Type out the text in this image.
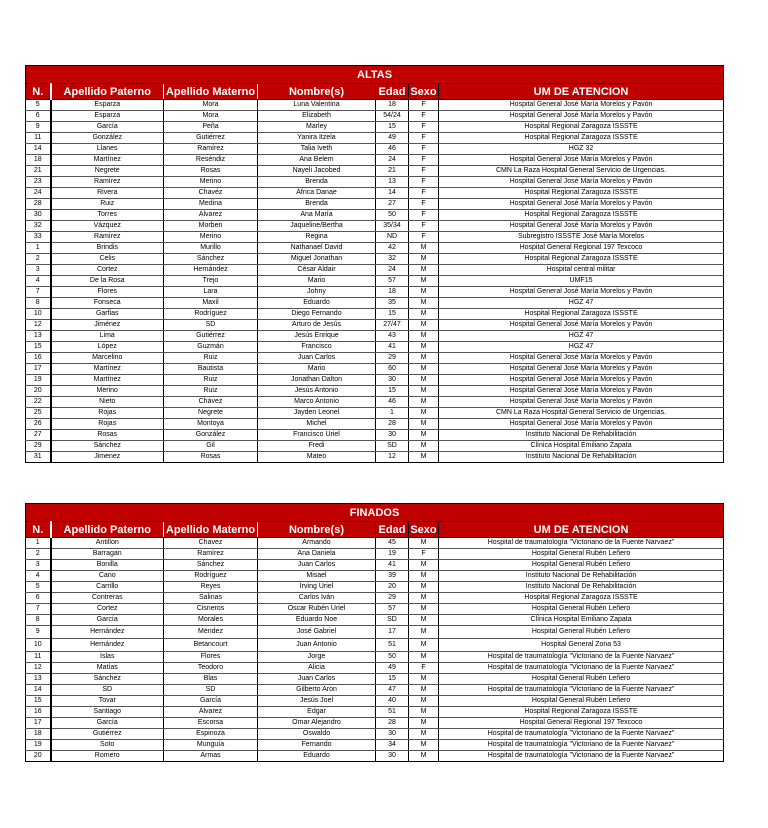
ALTAS						
N.	Apellido Paterno	Apellido Materno	Nombre(s)	Edad	Sexo	UM DE ATENCION
5	Esparza	Mora	Luna Valentina	18	F	Hospital General José María Morelos y Pavón
6	Esparza	Mora	Elizabeth	54/24	F	Hospital General José María Morelos y Pavón
9	García	Peña	Marley	15	F	Hospital Regional Zaragoza ISSSTE
11	González	Gutiérrez	Yanira Itzela	49	F	Hospital Regional Zaragoza ISSSTE
14	Llanes	Ramírez	Talia Iveth	46	F	HGZ 32
18	Martínez	Reséndiz	Ana Belem	24	F	Hospital General José María Morelos y Pavón
21	Negrete	Rosas	Nayeli Jacobed	21	F	CMN La Raza Hospital General Servicio de Urgencias.
23	Ramírez	Merino	Brenda	13	F	Hospital General José María Morelos y Pavón
24	Rivera	Chavéz	África Danae	14	F	Hospital Regional Zaragoza ISSSTE
28	Ruiz	Medina	Brenda	27	F	Hospital General José María Morelos y Pavón
30	Torres	Alvarez	Ana María	50	F	Hospital Regional Zaragoza ISSSTE
32	Vázquez	Morben	Jaqueline/Bertha	35/34	F	Hospital General José María Morelos y Pavón
33	Ramírez	Merino	Regina	ND	F	Subregistro ISSSTE José María Morelos
1	Brindis	Murillo	Nathanael David	42	M	Hospital General Regional 197 Texcoco
2	Celis	Sánchez	Miguel Jonathan	32	M	Hospital Regional Zaragoza ISSSTE
3	Cortez	Hernández	César Aldair	24	M	Hospital central militar
4	De la Rosa	Trejo	Mario	57	M	UMF15
7	Flores	Lara	Johny	18	M	Hospital General José María Morelos y Pavón
8	Fonseca	Maxil	Eduardo	35	M	HGZ 47
10	Garfias	Rodríguez	Diego Fernando	15	M	Hospital Regional Zaragoza ISSSTE
12	Jiménez	SD	Arturo de Jesús	27/47	M	Hospital General José María Morelos y Pavón
13	Lima	Gutiérrez	Jesús Enrique	43	M	HGZ 47
15	López	Guzmán	Francisco	41	M	HGZ 47
16	Marcelino	Ruiz	Juan Carlos	29	M	Hospital General José María Morelos y Pavón
17	Martínez	Bautista	Mario	60	M	Hospital General José María Morelos y Pavón
19	Martínez	Ruiz	Jonathan Dalton	30	M	Hospital General José María Morelos y Pavón
20	Merino	Ruiz	Jesús Antonio	15	M	Hospital General José María Morelos y Pavón
22	Nieto	Chávez	Marco Antonio	46	M	Hospital General José María Morelos y Pavón
25	Rojas	Negrete	Jayden Leonel	1	M	CMN La Raza Hospital General Servicio de Urgencias.
26	Rojas	Montoya	Michel	28	M	Hospital General José María Morelos y Pavón
27	Rosas	González	Francisco Uriel	30	M	Instituto Nacional De Rehabilitación
29	Sánchez	Gil	Fredi	SD	M	Clínica Hospital Emiliano Zapata
31	Jimenez	Rosas	Mateo	12	M	Instituto Nacional De Rehabilitación
FINADOS						
N.	Apellido Paterno	Apellido Materno	Nombre(s)	Edad	Sexo	UM DE ATENCION
1	Antillon	Chavez	Armando	45	M	Hospital de traumatología "Victoriano de la Fuente Narvaez"
2	Barragan	Ramírez	Ana Daniela	19	F	Hospital General Rubén Leñero
3	Bonilla	Sánchez	Juan Carlos	41	M	Hospital General Rubén Leñero
4	Cano	Rodríguez	Misael	39	M	Instituto Nacional De Rehabilitación
5	Carrillo	Reyes	Irving Uriel	20	M	Instituto Nacional De Rehabilitación
6	Contreras	Salinas	Carlos Iván	29	M	Hospital Regional Zaragoza ISSSTE
7	Cortez	Cisneros	Oscar Rubén Uriel	57	M	Hospital General Rubén Leñero
8	García	Morales	Eduardo Noe	SD	M	Clínica Hospital Emiliano Zapata
9	Hernández	Méndez	José Gabriel	17	M	Hospital General Rubén Leñero
10	Hernández	Betancourt	Juan Antonio	51	M	Hospital General Zona 53
11	Islas	Flores	Jorge	50	M	Hospital de traumatología "Victoriano de la Fuente Narvaez"
12	Matías	Teodoro	Alicia	49	F	Hospital de traumatología "Victoriano de la Fuente Narvaez"
13	Sánchez	Blas	Juan Carlos	15	M	Hospital General Rubén Leñero
14	SD	SD	Gilberto Aron	47	M	Hospital de traumatología "Victoriano de la Fuente Narvaez"
15	Tovar	García	Jesús Joel	40	M	Hospital General Rubén Leñero
16	Santiago	Álvarez	Edgar	51	M	Hospital Regional Zaragoza ISSSTE
17	García	Escorsa	Omar Alejandro	28	M	Hospital General Regional 197 Texcoco
18	Gutiérrez	Espinoza	Oswaldo	30	M	Hospital de traumatología "Victoriano de la Fuente Narvaez"
19	Soto	Munguía	Fernando	34	M	Hospital de traumatología "Victoriano de la Fuente Narvaez"
20	Romero	Armas	Eduardo	30	M	Hospital de traumatología "Victoriano de la Fuente Narvaez"
